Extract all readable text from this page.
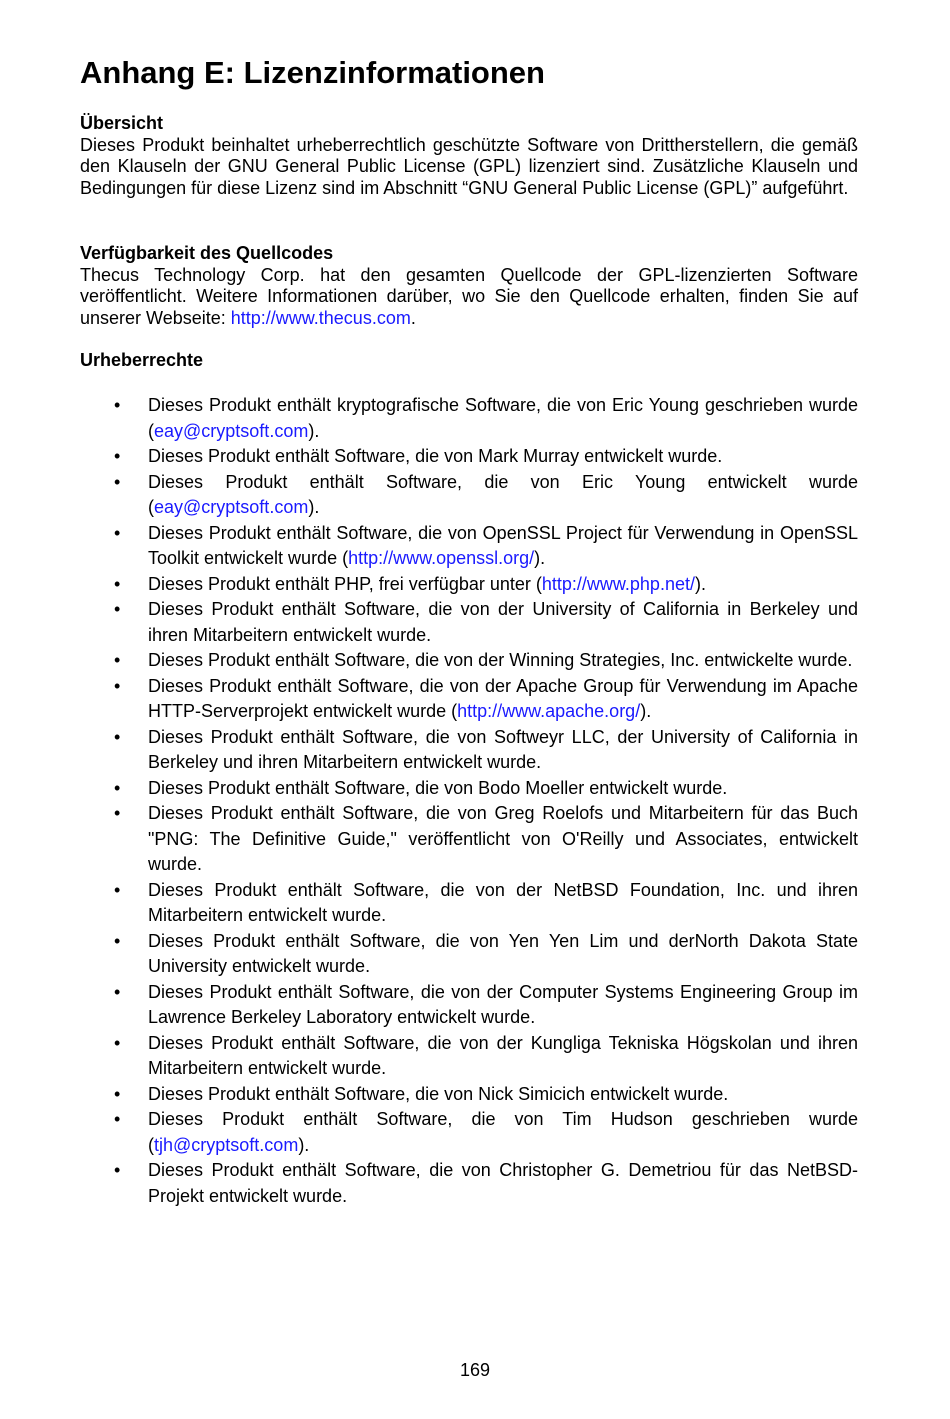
Anhang E: Lizenzinformationen
Übersicht

Dieses Produkt beinhaltet urheberrechtlich geschützte Software von Drittherstellern, die gemäß den Klauseln der GNU General Public License (GPL) lizenziert sind. Zusätzliche Klauseln und Bedingungen für diese Lizenz sind im Abschnitt “GNU General Public License (GPL)” aufgeführt.

Verfügbarkeit des Quellcodes

Thecus Technology Corp. hat den gesamten Quellcode der GPL-lizenzierten Software veröffentlicht. Weitere Informationen darüber, wo Sie den Quellcode erhalten, finden Sie auf unserer Webseite: http://www.thecus.com.

Urheberrechte
• Dieses Produkt enthält kryptografische Software, die von Eric Young geschrieben wurde (eay@cryptsoft.com).
• Dieses Produkt enthält Software, die von Mark Murray entwickelt wurde.
• Dieses Produkt enthält Software, die von Eric Young entwickelt wurde (eay@cryptsoft.com).
• Dieses Produkt enthält Software, die von OpenSSL Project für Verwendung in OpenSSL Toolkit entwickelt wurde (http://www.openssl.org/).
• Dieses Produkt enthält PHP, frei verfügbar unter (http://www.php.net/).
• Dieses Produkt enthält Software, die von der University of California in Berkeley und ihren Mitarbeitern entwickelt wurde.
• Dieses Produkt enthält Software, die von der Winning Strategies, Inc. entwickelte wurde.
• Dieses Produkt enthält Software, die von der Apache Group für Verwendung im Apache HTTP-Serverprojekt entwickelt wurde (http://www.apache.org/).
• Dieses Produkt enthält Software, die von Softweyr LLC, der University of California in Berkeley und ihren Mitarbeitern entwickelt wurde.
• Dieses Produkt enthält Software, die von Bodo Moeller entwickelt wurde.
• Dieses Produkt enthält Software, die von Greg Roelofs und Mitarbeitern für das Buch "PNG: The Definitive Guide," veröffentlicht von O'Reilly und Associates, entwickelt wurde.
• Dieses Produkt enthält Software, die von der NetBSD Foundation, Inc. und ihren Mitarbeitern entwickelt wurde.
• Dieses Produkt enthält Software, die von Yen Yen Lim und derNorth Dakota State University entwickelt wurde.
• Dieses Produkt enthält Software, die von der Computer Systems Engineering Group im Lawrence Berkeley Laboratory entwickelt wurde.
• Dieses Produkt enthält Software, die von der Kungliga Tekniska Högskolan und ihren Mitarbeitern entwickelt wurde.
• Dieses Produkt enthält Software, die von Nick Simicich entwickelt wurde.
• Dieses Produkt enthält Software, die von Tim Hudson geschrieben wurde (tjh@cryptsoft.com).
• Dieses Produkt enthält Software, die von Christopher G. Demetriou für das NetBSD-Projekt entwickelt wurde.
169
